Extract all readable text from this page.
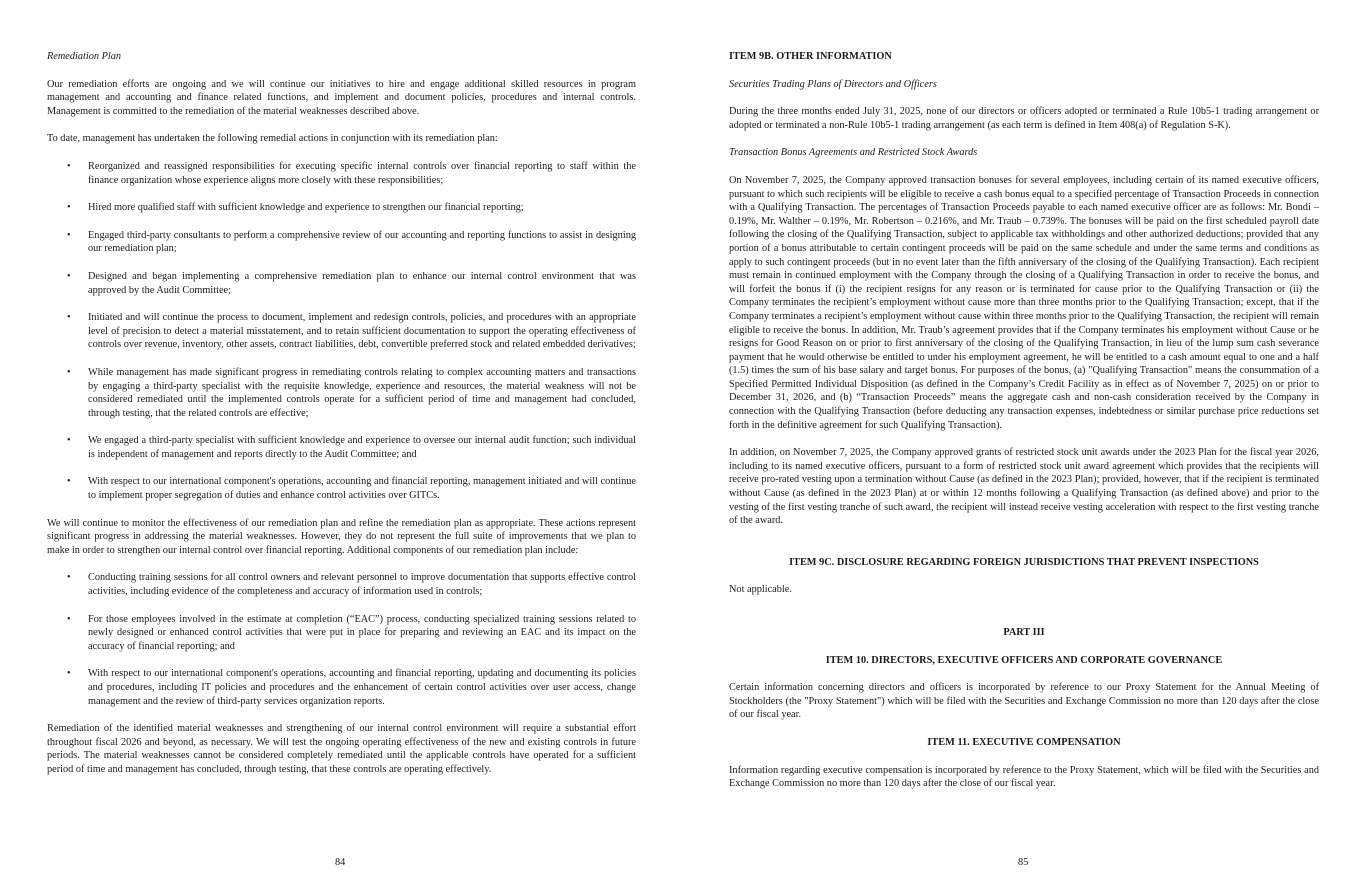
Remediation Plan

Our remediation efforts are ongoing and we will continue our initiatives to hire and engage additional skilled resources in program management and accounting and finance related functions, and implement and document policies, procedures and internal controls. Management is committed to the remediation of the material weaknesses described above.

To date, management has undertaken the following remedial actions in conjunction with its remediation plan:

• Reorganized and reassigned responsibilities for executing specific internal controls over financial reporting to staff within the finance organization whose experience aligns more closely with these responsibilities;
• Hired more qualified staff with sufficient knowledge and experience to strengthen our financial reporting;
• Engaged third-party consultants to perform a comprehensive review of our accounting and reporting functions to assist in designing our remediation plan;
• Designed and began implementing a comprehensive remediation plan to enhance our internal control environment that was approved by the Audit Committee;
• Initiated and will continue the process to document, implement and redesign controls, policies, and procedures with an appropriate level of precision to detect a material misstatement, and to retain sufficient documentation to support the operating effectiveness of controls over revenue, inventory, other assets, contract liabilities, debt, convertible preferred stock and related embedded derivatives;
• While management has made significant progress in remediating controls relating to complex accounting matters and transactions by engaging a third-party specialist with the requisite knowledge, experience and resources, the material weakness will not be considered remediated until the implemented controls operate for a sufficient period of time and management had concluded, through testing, that the related controls are effective;
• We engaged a third-party specialist with sufficient knowledge and experience to oversee our internal audit function; such individual is independent of management and reports directly to the Audit Committee; and
• With respect to our international component's operations, accounting and financial reporting, management initiated and will continue to implement proper segregation of duties and enhance control activities over GITCs.

We will continue to monitor the effectiveness of our remediation plan and refine the remediation plan as appropriate. These actions represent significant progress in addressing the material weaknesses. However, they do not represent the full suite of improvements that we plan to make in order to strengthen our internal control over financial reporting. Additional components of our remediation plan include:

• Conducting training sessions for all control owners and relevant personnel to improve documentation that supports effective control activities, including evidence of the completeness and accuracy of information used in controls;
• For those employees involved in the estimate at completion (“EAC”) process, conducting specialized training sessions related to newly designed or enhanced control activities that were put in place for preparing and reviewing an EAC and its impact on the accuracy of financial reporting; and
• With respect to our international component's operations, accounting and financial reporting, updating and documenting its policies and procedures, including IT policies and procedures and the enhancement of certain control activities over user access, change management and the review of third-party services organization reports.

Remediation of the identified material weaknesses and strengthening of our internal control environment will require a substantial effort throughout fiscal 2026 and beyond, as necessary. We will test the ongoing operating effectiveness of the new and existing controls in future periods. The material weaknesses cannot be considered completely remediated until the applicable controls have operated for a sufficient period of time and management has concluded, through testing, that these controls are operating effectively.

84

ITEM 9B. OTHER INFORMATION

Securities Trading Plans of Directors and Officers

During the three months ended July 31, 2025, none of our directors or officers adopted or terminated a Rule 10b5-1 trading arrangement or adopted or terminated a non-Rule 10b5-1 trading arrangement (as each term is defined in Item 408(a) of Regulation S-K).

Transaction Bonus Agreements and Restricted Stock Awards

On November 7, 2025, the Company approved transaction bonuses for several employees, including certain of its named executive officers, pursuant to which such recipients will be eligible to receive a cash bonus equal to a specified percentage of Transaction Proceeds in connection with a Qualifying Transaction. The percentages of Transaction Proceeds payable to each named executive officer are as follows: Mr. Bondi – 0.19%, Mr. Walther – 0.19%, Mr. Robertson – 0.216%, and Mr. Traub – 0.739%. The bonuses will be paid on the first scheduled payroll date following the closing of the Qualifying Transaction, subject to applicable tax withholdings and other authorized deductions; provided that any portion of a bonus attributable to certain contingent proceeds will be paid on the same schedule and under the same terms and conditions as apply to such contingent proceeds (but in no event later than the fifth anniversary of the closing of the Qualifying Transaction). Each recipient must remain in continued employment with the Company through the closing of a Qualifying Transaction in order to receive the bonus, and will forfeit the bonus if (i) the recipient resigns for any reason or is terminated for cause prior to the Qualifying Transaction or (ii) the Company terminates the recipient’s employment without cause more than three months prior to the Qualifying Transaction; except, that if the Company terminates a recipient’s employment without cause within three months prior to the Qualifying Transaction, the recipient will remain eligible to receive the bonus. In addition, Mr. Traub’s agreement provides that if the Company terminates his employment without Cause or he resigns for Good Reason on or prior to first anniversary of the closing of the Qualifying Transaction, in lieu of the lump sum cash severance payment that he would otherwise be entitled to under his employment agreement, he will be entitled to a cash amount equal to one and a half (1.5) times the sum of his base salary and target bonus. For purposes of the bonus, (a) "Qualifying Transaction" means the consummation of a Specified Permitted Individual Disposition (as defined in the Company’s Credit Facility as in effect as of November 7, 2025) on or prior to December 31, 2026, and (b) “Transaction Proceeds” means the aggregate cash and non-cash consideration received by the Company in connection with the Qualifying Transaction (before deducting any transaction expenses, indebtedness or similar purchase price reductions set forth in the definitive agreement for such Qualifying Transaction).

In addition, on November 7, 2025, the Company approved grants of restricted stock unit awards under the 2023 Plan for the fiscal year 2026, including to its named executive officers, pursuant to a form of restricted stock unit award agreement which provides that the recipients will receive pro-rated vesting upon a termination without Cause (as defined in the 2023 Plan); provided, however, that if the recipient is terminated without Cause (as defined in the 2023 Plan) at or within 12 months following a Qualifying Transaction (as defined above) and prior to the vesting of the first vesting tranche of such award, the recipient will instead receive vesting acceleration with respect to the first vesting tranche of the award.

ITEM 9C. DISCLOSURE REGARDING FOREIGN JURISDICTIONS THAT PREVENT INSPECTIONS

Not applicable.

PART III

ITEM 10. DIRECTORS, EXECUTIVE OFFICERS AND CORPORATE GOVERNANCE

Certain information concerning directors and officers is incorporated by reference to our Proxy Statement for the Annual Meeting of Stockholders (the "Proxy Statement") which will be filed with the Securities and Exchange Commission no more than 120 days after the close of our fiscal year.

ITEM 11. EXECUTIVE COMPENSATION

Information regarding executive compensation is incorporated by reference to the Proxy Statement, which will be filed with the Securities and Exchange Commission no more than 120 days after the close of our fiscal year.

85
